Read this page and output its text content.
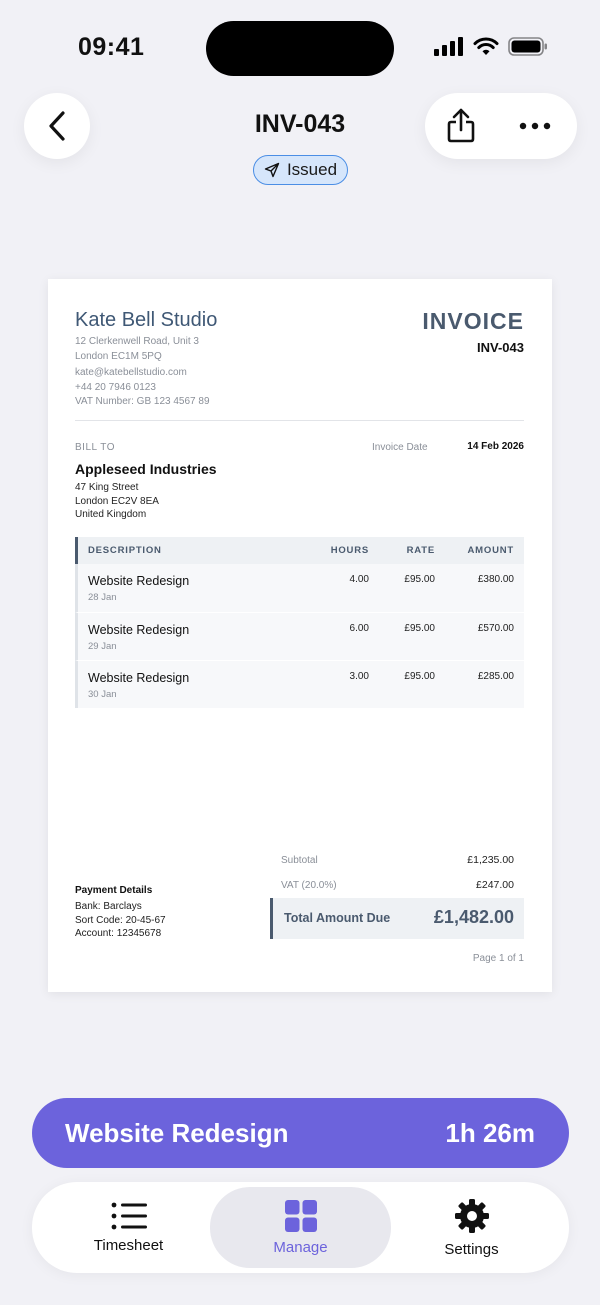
09:41
INV-043
Issued
Kate Bell Studio
12 Clerkenwell Road, Unit 3
London EC1M 5PQ
kate@katebellstudio.com
+44 20 7946 0123
VAT Number: GB 123 4567 89
INVOICE
INV-043
BILL TO	Invoice Date	14 Feb 2026
Appleseed Industries
47 King Street
London EC2V 8EA
United Kingdom
DESCRIPTION	HOURS	RATE	AMOUNT
Website Redesign
28 Jan
4.00	£95.00	£380.00
Website Redesign
29 Jan
6.00	£95.00	£570.00
Website Redesign
30 Jan
3.00	£95.00	£285.00
Subtotal	£1,235.00
VAT (20.0%)	£247.00
Payment Details
Bank: Barclays
Sort Code: 20-45-67
Account: 12345678
Total Amount Due £1,482.00
Page 1 of 1
Website Redesign	1h 26m
Timesheet	Manage	Settings
